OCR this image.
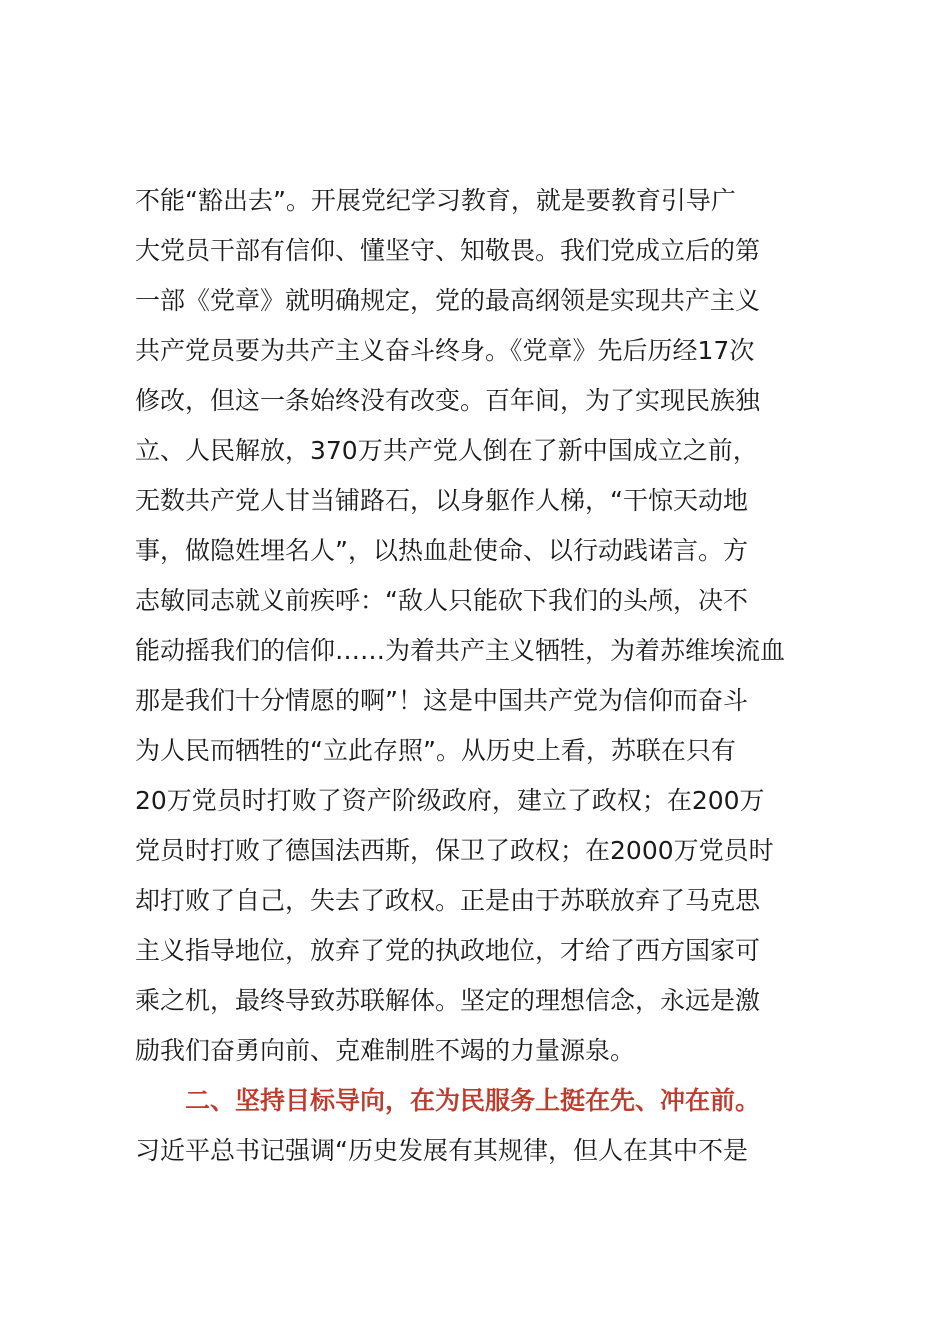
不能“豁出去”。开展党纪学习教育，就是要教育引导广
大党员干部有信仰、懂坚守、知敬畏。我们党成立后的第
一部《党章》就明确规定，党的最高纲领是实现共产主义
共产党员要为共产主义奋斗终身。《党章》先后历经17次
修改，但这一条始终没有改变。百年间，为了实现民族独
立、人民解放，370万共产党人倒在了新中国成立之前，
无数共产党人甘当铺路石，以身躯作人梯，“干惊天动地
事，做隐姓埋名人”，以热血赴使命、以行动践诺言。方
志敏同志就义前疾呼：“敌人只能砍下我们的头颅，决不
能动摇我们的信仰……为着共产主义牺牲，为着苏维埃流血
那是我们十分情愿的啊”！这是中国共产党为信仰而奋斗
为人民而牺牲的“立此存照”。从历史上看，苏联在只有
20万党员时打败了资产阶级政府，建立了政权；在200万
党员时打败了德国法西斯，保卫了政权；在2000万党员时
却打败了自己，失去了政权。正是由于苏联放弃了马克思
主义指导地位，放弃了党的执政地位，才给了西方国家可
乘之机，最终导致苏联解体。坚定的理想信念，永远是激
励我们奋勇向前、克难制胜不竭的力量源泉。
二、坚持目标导向，在为民服务上挺在先、冲在前。
习近平总书记强调“历史发展有其规律，但人在其中不是
